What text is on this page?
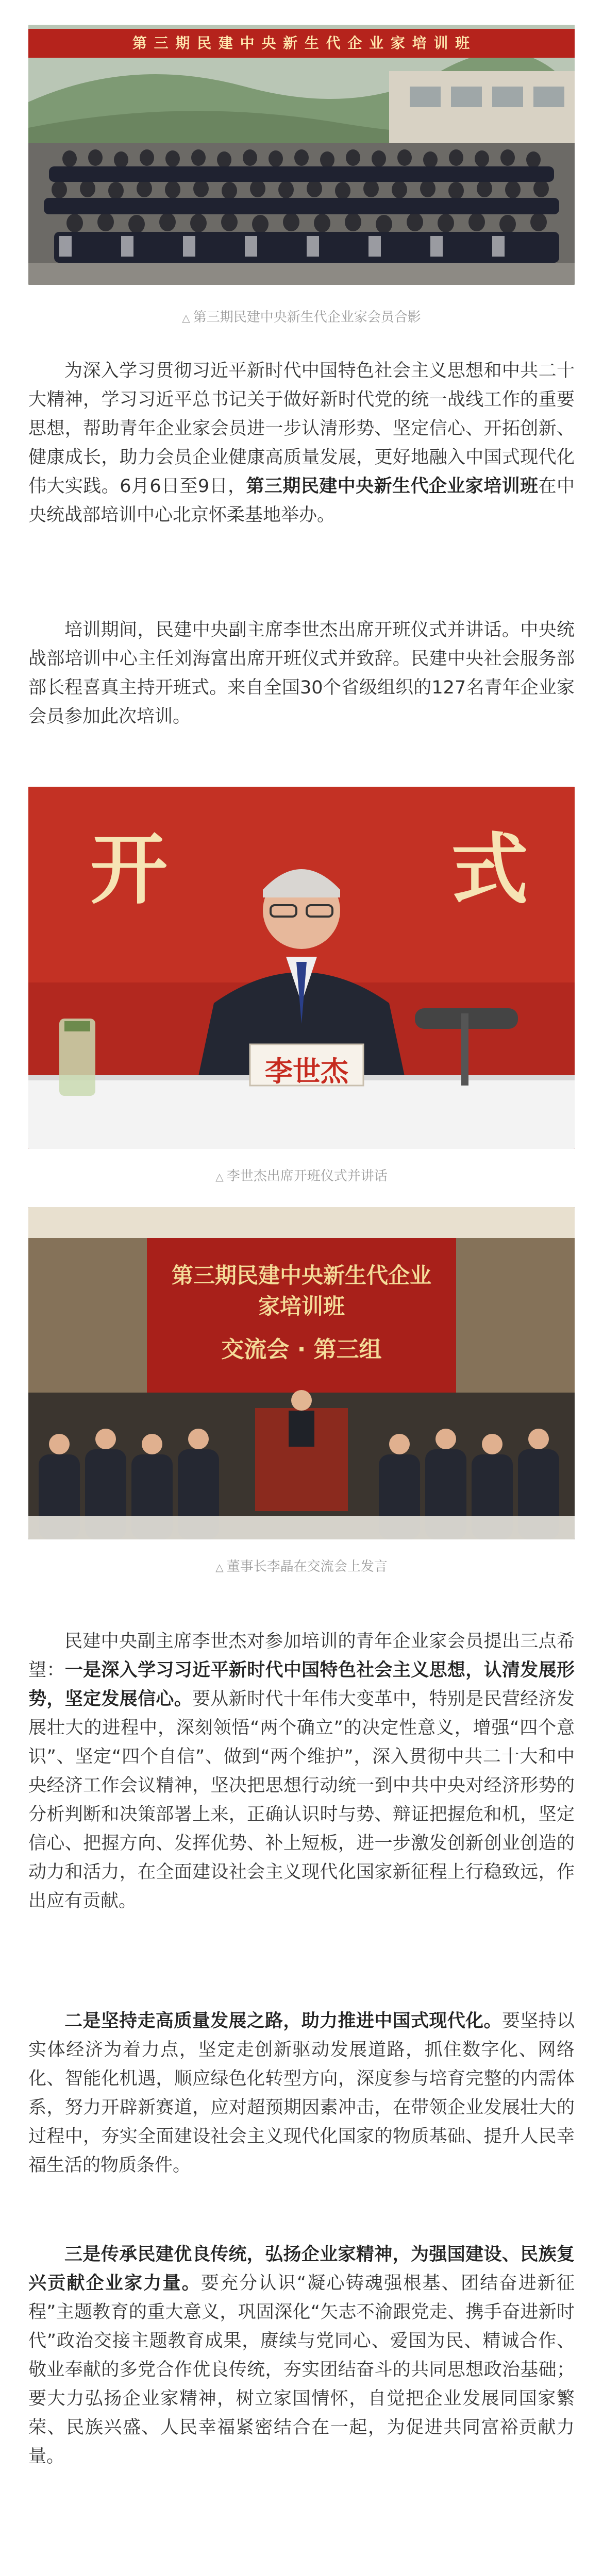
第 三 期 民 建 中 央 新 生 代 企 业 家 培 训 班
△ 第三期民建中央新生代企业家会员合影

为深入学习贯彻习近平新时代中国特色社会主义思想和中共二十大精神，学习习近平总书记关于做好新时代党的统一战线工作的重要思想，帮助青年企业家会员进一步认清形势、坚定信心、开拓创新、健康成长，助力会员企业健康高质量发展，更好地融入中国式现代化伟大实践。6月6日至9日，第三期民建中央新生代企业家培训班在中央统战部培训中心北京怀柔基地举办。

培训期间，民建中央副主席李世杰出席开班仪式并讲话。中央统战部培训中心主任刘海富出席开班仪式并致辞。民建中央社会服务部部长程喜真主持开班式。来自全国30个省级组织的127名青年企业家会员参加此次培训。

开	式
李世杰
△ 李世杰出席开班仪式并讲话
第三期民建中央新生代企业
家培训班
交流会 · 第三组
△ 董事长李晶在交流会上发言

民建中央副主席李世杰对参加培训的青年企业家会员提出三点希望：一是深入学习习近平新时代中国特色社会主义思想，认清发展形势，坚定发展信心。要从新时代十年伟大变革中，特别是民营经济发展壮大的进程中，深刻领悟“两个确立”的决定性意义，增强“四个意识”、坚定“四个自信”、做到“两个维护”，深入贯彻中共二十大和中央经济工作会议精神，坚决把思想行动统一到中共中央对经济形势的分析判断和决策部署上来，正确认识时与势、辩证把握危和机，坚定信心、把握方向、发挥优势、补上短板，进一步激发创新创业创造的动力和活力，在全面建设社会主义现代化国家新征程上行稳致远，作出应有贡献。

二是坚持走高质量发展之路，助力推进中国式现代化。要坚持以实体经济为着力点，坚定走创新驱动发展道路，抓住数字化、网络化、智能化机遇，顺应绿色化转型方向，深度参与培育完整的内需体系，努力开辟新赛道，应对超预期因素冲击，在带领企业发展壮大的过程中，夯实全面建设社会主义现代化国家的物质基础、提升人民幸福生活的物质条件。

三是传承民建优良传统，弘扬企业家精神，为强国建设、民族复兴贡献企业家力量。要充分认识“凝心铸魂强根基、团结奋进新征程”主题教育的重大意义，巩固深化“矢志不渝跟党走、携手奋进新时代”政治交接主题教育成果，赓续与党同心、爱国为民、精诚合作、敬业奉献的多党合作优良传统，夯实团结奋斗的共同思想政治基础；要大力弘扬企业家精神，树立家国情怀，自觉把企业发展同国家繁荣、民族兴盛、人民幸福紧密结合在一起，为促进共同富裕贡献力量。
